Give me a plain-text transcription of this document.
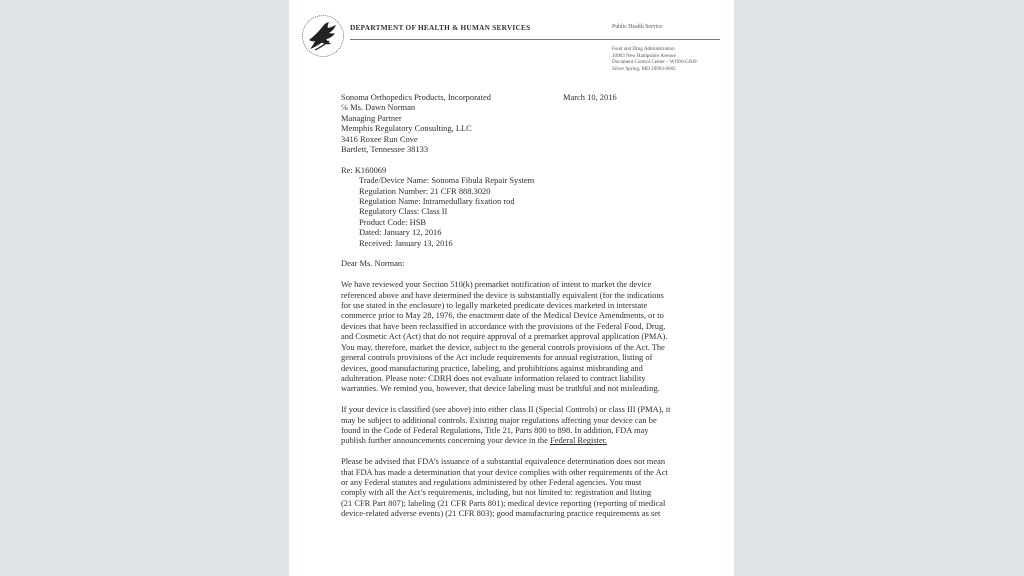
DEPARTMENT OF HEALTH & HUMAN SERVICES	Public Health Service
Food and Drug Administration
10903 New Hampshire Avenue
Document Control Center – WO66-G609
Silver Spring, MD 20993-0002
March 10, 2016
Sonoma Orthopedics Products, Incorporated
℅ Ms. Dawn Norman
Managing Partner
Memphis Regulatory Consulting, LLC
3416 Roxee Run Cove
Bartlett, Tennessee 38133
Re: K160069
Trade/Device Name: Sonoma Fibula Repair System
Regulation Number: 21 CFR 888.3020
Regulation Name: Intramedullary fixation rod
Regulatory Class: Class II
Product Code: HSB
Dated: January 12, 2016
Received: January 13, 2016
Dear Ms. Norman:
We have reviewed your Section 510(k) premarket notification of intent to market the device
referenced above and have determined the device is substantially equivalent (for the indications
for use stated in the enclosure) to legally marketed predicate devices marketed in interstate
commerce prior to May 28, 1976, the enactment date of the Medical Device Amendments, or to
devices that have been reclassified in accordance with the provisions of the Federal Food, Drug,
and Cosmetic Act (Act) that do not require approval of a premarket approval application (PMA).
You may, therefore, market the device, subject to the general controls provisions of the Act. The
general controls provisions of the Act include requirements for annual registration, listing of
devices, good manufacturing practice, labeling, and prohibitions against misbranding and
adulteration. Please note: CDRH does not evaluate information related to contract liability
warranties. We remind you, however, that device labeling must be truthful and not misleading.
If your device is classified (see above) into either class II (Special Controls) or class III (PMA), it
may be subject to additional controls. Existing major regulations affecting your device can be
found in the Code of Federal Regulations, Title 21, Parts 800 to 898. In addition, FDA may
publish further announcements concerning your device in the Federal Register.
Please be advised that FDA’s issuance of a substantial equivalence determination does not mean
that FDA has made a determination that your device complies with other requirements of the Act
or any Federal statutes and regulations administered by other Federal agencies. You must
comply with all the Act’s requirements, including, but not limited to: registration and listing
(21 CFR Part 807); labeling (21 CFR Parts 801); medical device reporting (reporting of medical
device-related adverse events) (21 CFR 803); good manufacturing practice requirements as set
